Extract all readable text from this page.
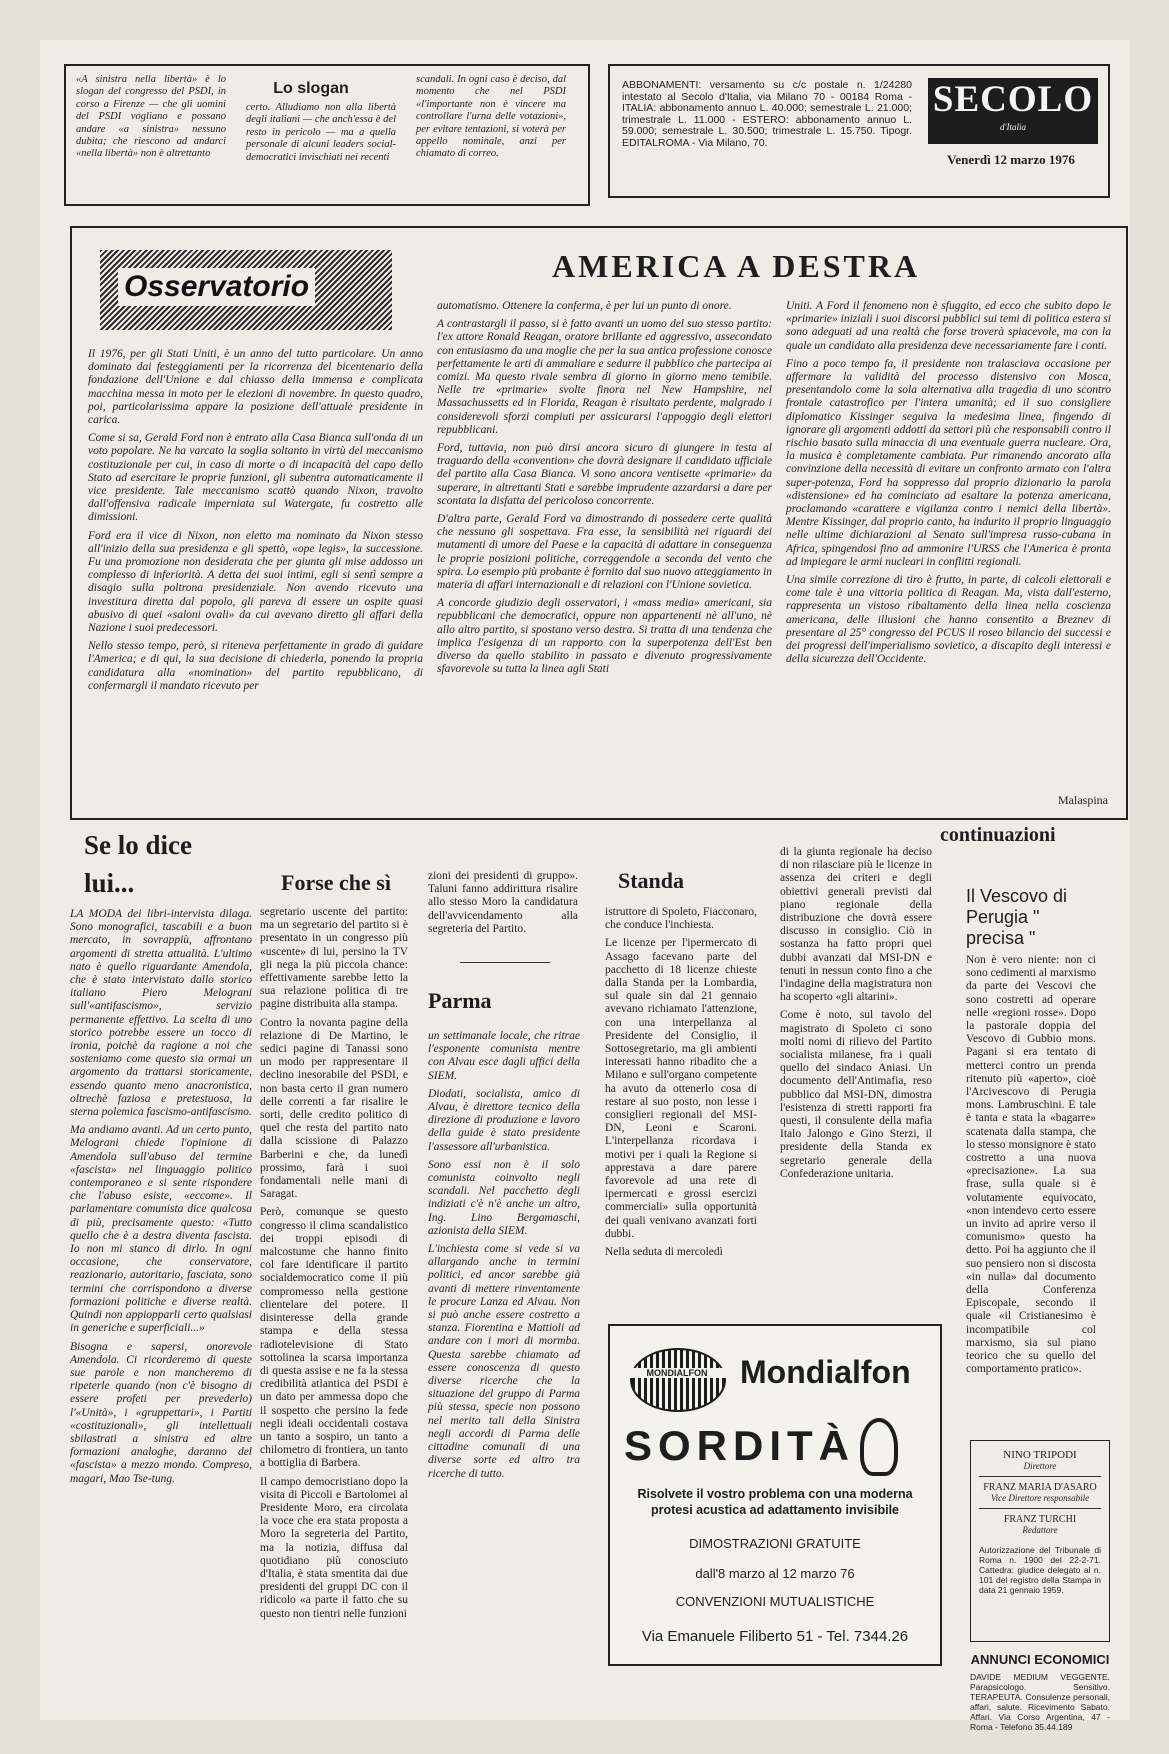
«A sinistra nella libertà» è lo slogan del congresso del PSDI, in corso a Firenze — che gli uomini del PSDI vogliano e possano andare «a sinistra» nessuno dubita; che riescono ad andarci «nella libertà» non è altrettanto
Lo slogan
certo. Alludiamo non alla libertà degli italiani — che anch'essa è del resto in pericolo — ma a quella personale di alcuni leaders social-democratici invischiati nei recenti
scandali. In ogni caso è deciso, dal momento che nel PSDI «l'importante non è vincere ma controllare l'urna delle votazioni», per evitare tentazioni, si voterà per appello nominale, anzi per chiamato di correo.
ABBONAMENTI: versamento su c/c postale n. 1/24280 intestato al Secolo d'Italia, via Milano 70 - 00184 Roma - ITALIA: abbonamento annuo L. 40.000; semestrale L. 21.000; trimestrale L. 11.000 - ESTERO: abbonamento annuo L. 59.000; semestrale L. 30.500; trimestrale L. 15.750. Tipogr. EDITALROMA - Via Milano, 70.
SECOLO
d'Italia
Venerdì 12 marzo 1976
Osservatorio
AMERICA A DESTRA

Il 1976, per gli Stati Uniti, è un anno del tutto particolare. Un anno dominato dai festeggiamenti per la ricorrenza del bicentenario della fondazione dell'Unione e dal chiasso della immensa e complicata macchina messa in moto per le elezioni di novembre. In questo quadro, poi, particolarissima appare la posizione dell'attuale presidente in carica.

Come si sa, Gerald Ford non è entrato alla Casa Bianca sull'onda di un voto popolare. Ne ha varcato la soglia soltanto in virtù del meccanismo costituzionale per cui, in caso di morte o di incapacità del capo dello Stato ad esercitare le proprie funzioni, gli subentra automaticamente il vice presidente. Tale meccanismo scattò quando Nixon, travolto dall'offensiva radicale imperniata sul Watergate, fu costretto alle dimissioni.

Ford era il vice di Nixon, non eletto ma nominato da Nixon stesso all'inizio della sua presidenza e gli spettò, «ope legis», la successione. Fu una promozione non desiderata che per giunta gli mise addosso un complesso di inferiorità. A detta dei suoi intimi, egli si sentì sempre a disagio sulla poltrona presidenziale. Non avendo ricevuto una investitura diretta dal popolo, gli pareva di essere un ospite quasi abusivo di quei «saloni ovali» da cui avevano diretto gli affari della Nazione i suoi predecessori.

Nello stesso tempo, però, si riteneva perfettamente in grado di guidare l'America; e di qui, la sua decisione di chiederla, ponendo la propria candidatura alla «nomination» del partito repubblicano, di confermargli il mandato ricevuto per

automatismo. Ottenere la conferma, è per lui un punto di onore.

A contrastargli il passo, si è fatto avanti un uomo del suo stesso partito: l'ex attore Ronald Reagan, oratore brillante ed aggressivo, assecondato con entusiasmo da una moglie che per la sua antica professione conosce perfettamente le arti di ammaliare e sedurre il pubblico che partecipa ai comizi. Ma questo rivale sembra di giorno in giorno meno temibile. Nelle tre «primarie» svolte finora nel New Hampshire, nel Massachussetts ed in Florida, Reagan è risultato perdente, malgrado i considerevoli sforzi compiuti per assicurarsi l'appoggio degli elettori repubblicani.

Ford, tuttavia, non può dirsi ancora sicuro di giungere in testa al traguardo della «convention» che dovrà designare il candidato ufficiale del partito alla Casa Bianca. Vi sono ancora ventisette «primarie» da superare, in altrettanti Stati e sarebbe imprudente azzardarsi a dare per scontata la disfatta del pericoloso concorrente.

D'altra parte, Gerald Ford va dimostrando di possedere certe qualità che nessuno gli sospettava. Fra esse, la sensibilità nei riguardi dei mutamenti di umore del Paese e la capacità di adattare in conseguenza le proprie posizioni politiche, correggendole a seconda del vento che spira. Lo esempio più probante è fornito dal suo nuovo atteggiamento in materia di affari internazionali e di relazioni con l'Unione sovietica.

A concorde giudizio degli osservatori, i «mass media» americani, sia repubblicani che democratici, oppure non appartenenti nè all'uno, nè allo altro partito, si spostano verso destra. Si tratta di una tendenza che implica l'esigenza di un rapporto con la superpotenza dell'Est ben diverso da quello stabilito in passato e divenuto progressivamente sfavorevole su tutta la linea agli Stati

Uniti. A Ford il fenomeno non è sfuggito, ed ecco che subito dopo le «primarie» iniziali i suoi discorsi pubblici sui temi di politica estera si sono adeguati ad una realtà che forse troverà spiacevole, ma con la quale un candidato alla presidenza deve necessariamente fare i conti.

Fino a poco tempo fa, il presidente non tralasciava occasione per affermare la validità del processo distensivo con Mosca, presentandolo come la sola alternativa alla tragedia di uno scontro frontale catastrofico per l'intera umanità; ed il suo consigliere diplomatico Kissinger seguiva la medesima linea, fingendo di ignorare gli argomenti addotti da settori più che responsabili contro il rischio basato sulla minaccia di una eventuale guerra nucleare. Ora, la musica è completamente cambiata. Pur rimanendo ancorato alla convinzione della necessità di evitare un confronto armato con l'altra super-potenza, Ford ha soppresso dal proprio dizionario la parola «distensione» ed ha cominciato ad esaltare la potenza americana, proclamando «carattere e vigilanza contro i nemici della libertà». Mentre Kissinger, dal proprio canto, ha indurito il proprio linguaggio nelle ultime dichiarazioni al Senato sull'impresa russo-cubana in Africa, spingendosi fino ad ammonire l'URSS che l'America è pronta ad impiegare le armi nucleari in conflitti regionali.

Una simile correzione di tiro è frutto, in parte, di calcoli elettorali e come tale è una vittoria politica di Reagan. Ma, vista dall'esterno, rappresenta un vistoso ribaltamento della linea nella coscienza americana, delle illusioni che hanno consentito a Breznev di presentare al 25° congresso del PCUS il roseo bilancio dei successi e dei progressi dell'imperialismo sovietico, a discapito degli interessi e della sicurezza dell'Occidente.

Malaspina
Se lo dice lui...

LA MODA dei libri-intervista dilaga. Sono monografici, tascabili e a buon mercato, in sovrappiù, affrontano argomenti di stretta attualità. L'ultimo nato è quello riguardante Amendola, che è stato intervistato dallo storico italiano Piero Melograni sull'«antifascismo», servizio permanente effettivo. La scelta di uno storico potrebbe essere un tocco di ironia, poichè da ragione a noi che sosteniamo come questo sia ormai un argomento da trattarsi storicamente, essendo quanto meno anacronistica, oltrechè faziosa e pretestuosa, la sterna polemica fascismo-antifascismo.

Ma andiamo avanti. Ad un certo punto, Melograni chiede l'opinione di Amendola sull'abuso del termine «fascista» nel linguaggio politico contemporaneo e si sente rispondere che l'abuso esiste, «eccome». Il parlamentare comunista dice qualcosa di più, precisamente questo: «Tutto quello che è a destra diventa fascista. Io non mi stanco di dirlo. In ogni occasione, che conservatore, reazionario, autoritario, fasciata, sono termini che corrispondono a diverse formazioni politiche e diverse realtà. Quindi non appiopparli certo qualsiasi in generiche e superficiali...»

Bisogna e sapersi, onorevole Amendola. Ci ricorderemo di queste sue parole e non mancheremo di ripeterle quando (non c'è bisogno di essere profeti per prevederlo) l'«Unità», i «gruppettari», i Partiti «costituzionali», gli intellettuali sbilastrati a sinistra ed altre formazioni analoghe, daranno del «fascista» a mezzo mondo. Compreso, magari, Mao Tse-tung.

Forse che sì

segretario uscente del partito: ma un segretario del partito si è presentato in un congresso più «uscente» di lui, persino la TV gli nega la più piccola chance: effettivamente sarebbe letto la sua relazione politica di tre pagine distribuita alla stampa.

Contro la novanta pagine della relazione di De Martino, le sedici pagine di Tanassi sono un modo per rappresentare il declino inesorabile del PSDI, e non basta certo il gran numero delle correnti a far risalire le sorti, delle credito politico di quel che resta del partito nato dalla scissione di Palazzo Barberini e che, da lunedì prossimo, farà i suoi fondamentali nelle mani di Saragat.

Però, comunque se questo congresso il clima scandalistico dei troppi episodi di malcostume che hanno finito col fare identificare il partito socialdemocratico come il più compromesso nella gestione clientelare del potere. Il disinteresse della grande stampa e della stessa radiotelevisione di Stato sottolinea la scarsa importanza di questa assise e ne fa la stessa credibilità atlantica del PSDI è un dato per ammessa dopo che il sospetto che persino la fede negli ideali occidentali costava un tanto a sospiro, un tanto a chilometro di frontiera, un tanto a bottiglia di Barbera.

Il campo democristiano dopo la visita di Piccoli e Bartolomei al Presidente Moro, era circolata la voce che era stata proposta a Moro la segreteria del Partito, ma la notizia, diffusa dal quotidiano più conosciuto d'Italia, è stata smentita dai due presidenti del gruppi DC con il ridicolo «a parte il fatto che su questo non tientri nelle funzioni

zioni dei presidenti di gruppo». Taluni fanno addirittura risalire allo stesso Moro la candidatura dell'avvicendamento alla segreteria del Partito.

Parma

un settimanale locale, che ritrae l'esponente comunista mentre con Alvau esce dagli uffici della SIEM.

Diodati, socialista, amico di Alvau, è direttore tecnico della direzione di produzione e lavoro della guide è stato presidente l'assessore all'urbanistica.

Sono essi non è il solo comunista coinvolto negli scandali. Nel pacchetto degli indiziati c'è n'è anche un altro, Ing. Lino Bergamaschi, azionista della SIEM.

L'inchiesta come si vede si va allargando anche in termini politici, ed ancor sarebbe già avanti di mettere rinventamente le procure Lanza ed Alvau. Non si può anche essere costretto a stanza. Fiorentina e Mattioli ad andare con i mori di mormba. Questa sarebbe chiamato ad essere conoscenza di questo diverse ricerche che la situazione del gruppo di Parma più stessa, specie non possono nel merito tali della Sinistra negli accordi di Parma delle cittadine comunali di una diverse sorte ed altro tra ricerche di tutto.

Standa

istruttore di Spoleto, Fiacconaro, che conduce l'inchiesta.

Le licenze per l'ipermercato di Assago facevano parte del pacchetto di 18 licenze chieste dalla Standa per la Lombardia, sul quale sin dal 21 gennaio avevano richiamato l'attenzione, con una interpellanza al Presidente del Consiglio, il Sottosegretario, ma gli ambienti interessati hanno ribadito che a Milano e sull'organo competente ha avuto da ottenerlo cosa di restare al suo posto, non lesse i consiglieri regionali del MSI-DN, Leoni e Scaroni. L'interpellanza ricordava i motivi per i quali la Regione si apprestava a dare parere favorevole ad una rete di ipermercati e grossi esercizi commerciali» sulla opportunità dei quali venivano avanzati forti dubbi.

Nella seduta di mercoledì

di la giunta regionale ha deciso di non rilasciare più le licenze in assenza dei criteri e degli obiettivi generali previsti dal piano regionale della distribuzione che dovrà essere discusso in consiglio. Ciò in sostanza ha fatto propri quei dubbi avanzati dal MSI-DN e tenuti in nessun conto fino a che l'indagine della magistratura non ha scoperto «gli altarini».

Come è noto, sul tavolo del magistrato di Spoleto ci sono molti nomi di rilievo del Partito socialista milanese, fra i quali quello del sindaco Aniasi. Un documento dell'Antimafia, reso pubblico dal MSI-DN, dimostra l'esistenza di stretti rapporti fra questi, il consulente della mafia Italo Jalongo e Gino Sterzi, il presidente della Standa ex segretario generale della Confederazione unitaria.

continuazioni
Il Vescovo di Perugia " precisa "
Non è vero niente: non ci sono cedimenti al marxismo da parte dei Vescovi che sono costretti ad operare nelle «regioni rosse». Dopo la pastorale doppia del Vescovo di Gubbio mons. Pagani si era tentato di metterci contro un prenda ritenuto più «aperto», cioè l'Arcivescovo di Perugia mons. Lambruschini. E tale è tanta e stata la «bagarre» scatenata dalla stampa, che lo stesso monsignore è stato costretto a una nuova «precisazione». La sua frase, sulla quale si è volutamente equivocato, «non intendevo certo essere un invito ad aprire verso il comunismo» questo ha detto. Poi ha aggiunto che il suo pensiero non si discosta «in nulla» dal documento della Conferenza Episcopale, secondo il quale «il Cristianesimo è incompatibile col marxismo, sia sul piano teorico che su quello del comportamento pratico».
MONDIALFON	Mondialfon
SORDITÀ
Risolvete il vostro problema con una moderna protesi acustica ad adattamento invisibile
DIMOSTRAZIONI GRATUITE
dall'8 marzo al 12 marzo 76
CONVENZIONI MUTUALISTICHE
Via Emanuele Filiberto 51 - Tel. 7344.26
NINO TRIPODI
Direttore
FRANZ MARIA D'ASARO
Vice Direttore responsabile
FRANZ TURCHI
Redattore
Autorizzazione del Tribunale di Roma n. 1900 del 22-2-71. Cattedra: giudice delegato al n. 101 del registro della Stampa in data 21 gennaio 1959.
ANNUNCI ECONOMICI
DAVIDE MEDIUM VEGGENTE. Parapsicologo. Sensitivo. TERAPEUTA. Consulenze personali, affari, salute. Ricevimento Sabato. Affari. Via Corso Argentina, 47 - Roma - Telefono 35.44.189
